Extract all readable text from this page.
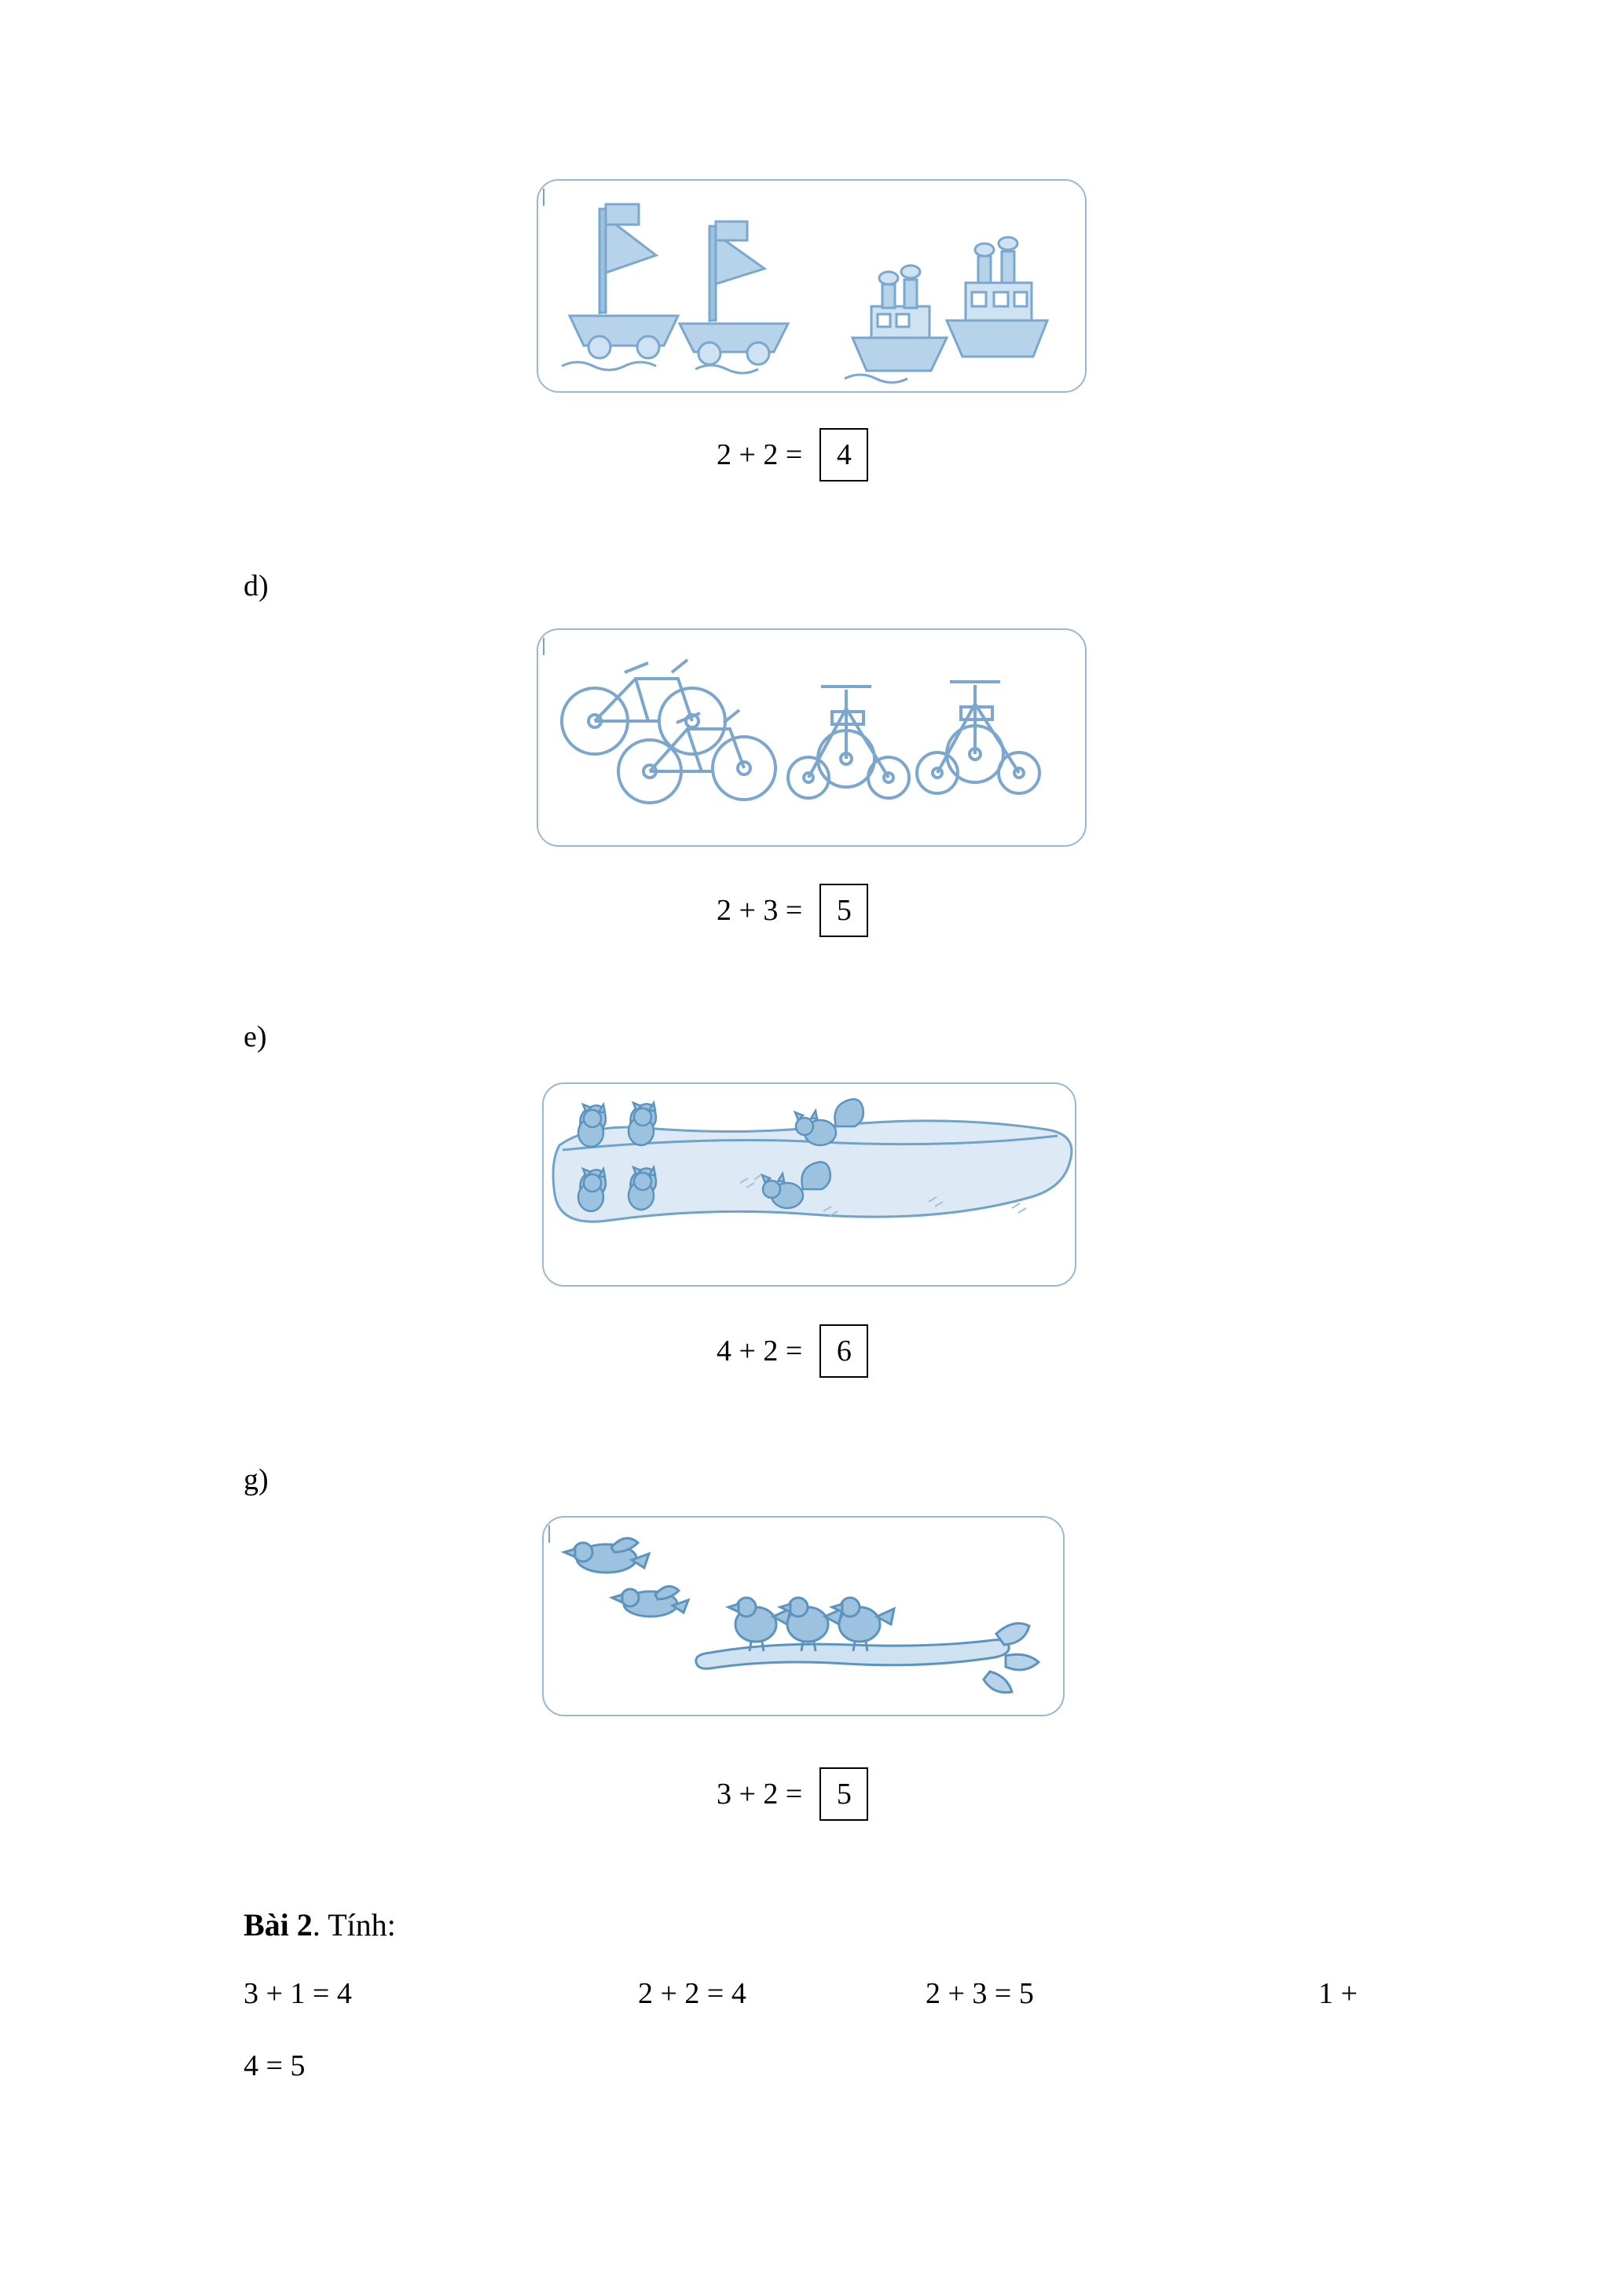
2 + 2 =	4
d)
2 + 3 =	5
e)
4 + 2 =	6
g)
3 + 2 =	5
Bài 2. Tính:
3 + 1 = 4	2 + 2 = 4	2 + 3 = 5	1 +
4 = 5
